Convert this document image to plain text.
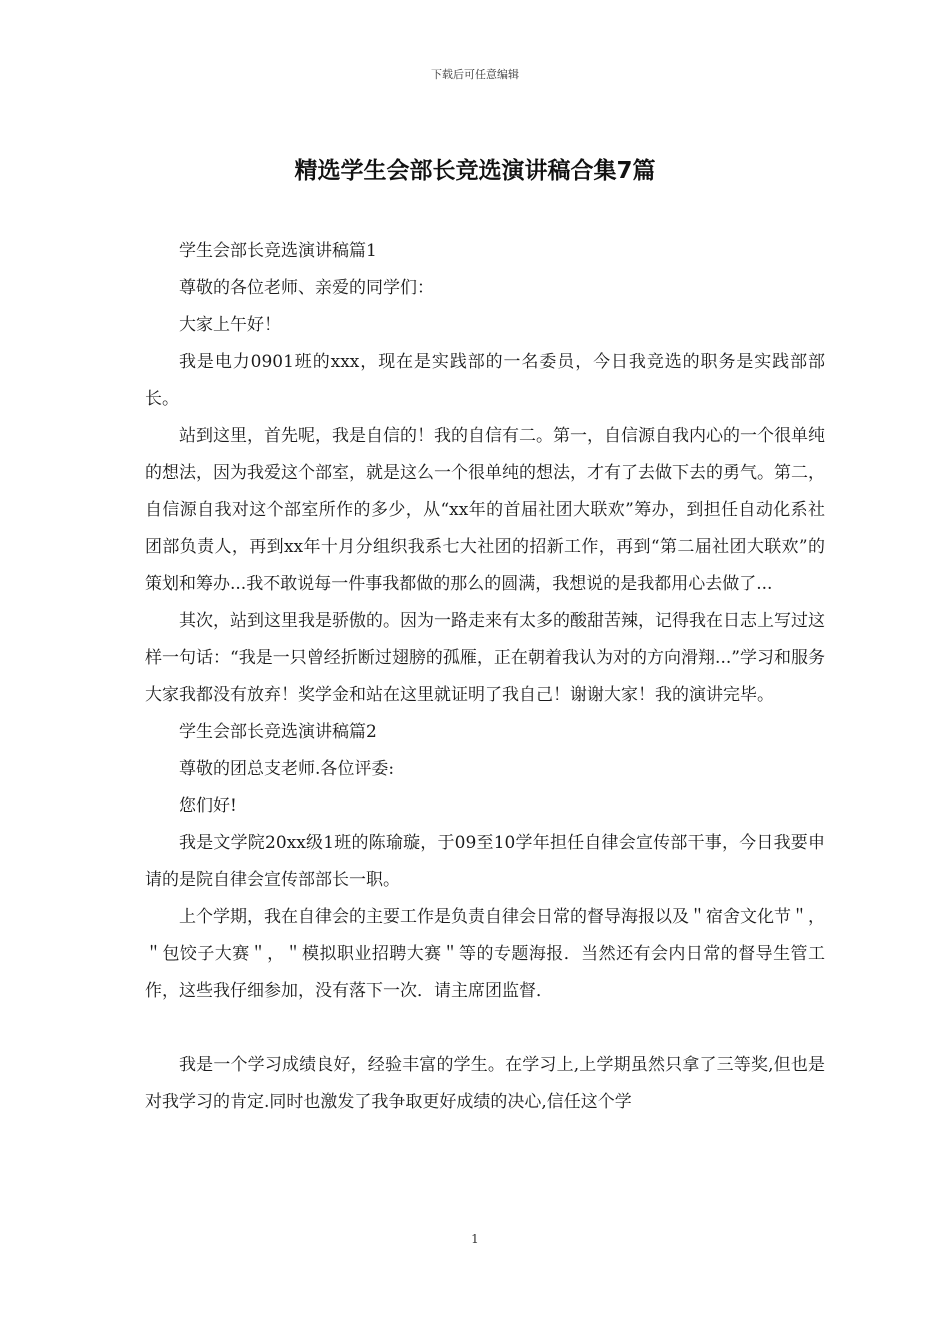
下载后可任意编辑
精选学生会部长竞选演讲稿合集7篇

学生会部长竞选演讲稿篇1

尊敬的各位老师、亲爱的同学们：

大家上午好！

我是电力0901班的xxx，现在是实践部的一名委员，今日我竞选的职务是实践部部长。

站到这里，首先呢，我是自信的！我的自信有二。第一，自信源自我内心的一个很单纯的想法，因为我爱这个部室，就是这么一个很单纯的想法，才有了去做下去的勇气。第二，自信源自我对这个部室所作的多少，从“xx年的首届社团大联欢”筹办，到担任自动化系社团部负责人，再到xx年十月分组织我系七大社团的招新工作，再到“第二届社团大联欢”的策划和筹办...我不敢说每一件事我都做的那么的圆满，我想说的是我都用心去做了...

其次，站到这里我是骄傲的。因为一路走来有太多的酸甜苦辣，记得我在日志上写过这样一句话：“我是一只曾经折断过翅膀的孤雁，正在朝着我认为对的方向滑翔...”学习和服务大家我都没有放弃！奖学金和站在这里就证明了我自己！谢谢大家！我的演讲完毕。

学生会部长竞选演讲稿篇2

尊敬的团总支老师.各位评委:

您们好!

我是文学院20xx级1班的陈瑜璇，于09至10学年担任自律会宣传部干事，今日我要申请的是院自律会宣传部部长一职。

上个学期，我在自律会的主要工作是负责自律会日常的督导海报以及＂宿舍文化节＂，＂包饺子大赛＂，＂模拟职业招聘大赛＂等的专题海报．当然还有会内日常的督导生管工作，这些我仔细参加，没有落下一次．请主席团监督．

我是一个学习成绩良好，经验丰富的学生。在学习上,上学期虽然只拿了三等奖,但也是对我学习的肯定.同时也激发了我争取更好成绩的决心,信任这个学

1
